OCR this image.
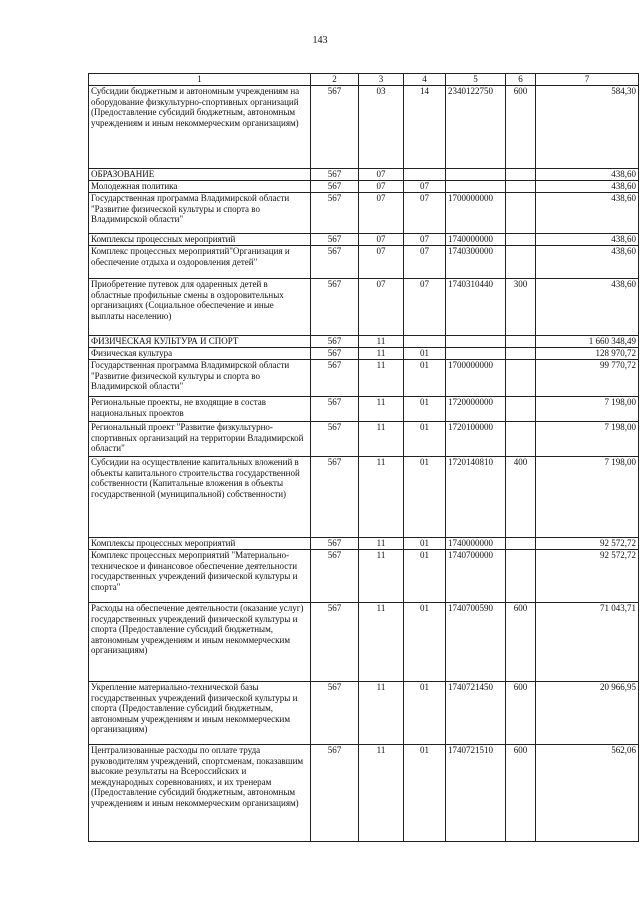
143
1	2	3	4	5	6	7
Субсидии бюджетным и автономным учреждениям на оборудование физкультурно-спортивных организаций (Предоставление субсидий бюджетным, автономным учреждениям и иным некоммерческим организациям)	567	03	14	2340122750	600	584,30
ОБРАЗОВАНИЕ	567	07				438,60
Молодежная политика	567	07	07			438,60
Государственная программа Владимирской области "Развитие физической культуры и спорта во Владимирской области"	567	07	07	1700000000		438,60
Комплексы процессных мероприятий	567	07	07	1740000000		438,60
Комплекс процессных мероприятий"Организация и обеспечение отдыха и оздоровления детей"	567	07	07	1740300000		438,60
Приобретение путевок для одаренных детей в областные профильные смены в оздоровительных организациях (Социальное обеспечение и иные выплаты населению)	567	07	07	1740310440	300	438,60
ФИЗИЧЕСКАЯ КУЛЬТУРА И СПОРТ	567	11				1 660 348,49
Физическая культура	567	11	01			128 970,72
Государственная программа Владимирской области "Развитие физической культуры и спорта во Владимирской области"	567	11	01	1700000000		99 770,72
Региональные проекты, не входящие в состав национальных проектов	567	11	01	1720000000		7 198,00
Региональный проект "Развитие физкультурно-спортивных организаций на территории Владимирской области"	567	11	01	1720100000		7 198,00
Субсидии на осуществление капитальных вложений в объекты капитального строительства государственной собственности (Капитальные вложения в объекты государственной (муниципальной) собственности)	567	11	01	1720140810	400	7 198,00
Комплексы процессных мероприятий	567	11	01	1740000000		92 572,72
Комплекс процессных мероприятий "Материально-техническое и финансовое обеспечение деятельности государственных учреждений физической культуры и спорта"	567	11	01	1740700000		92 572,72
Расходы на обеспечение деятельности (оказание услуг) государственных учреждений физической культуры и спорта (Предоставление субсидий бюджетным, автономным учреждениям и иным некоммерческим организациям)	567	11	01	1740700590	600	71 043,71
Укрепление материально-технической базы государственных учреждений физической культуры и спорта (Предоставление субсидий бюджетным, автономным учреждениям и иным некоммерческим организациям)	567	11	01	1740721450	600	20 966,95
Централизованные расходы по оплате труда руководителям учреждений, спортсменам, показавшим высокие результаты на Всероссийских и международных соревнованиях, и их тренерам (Предоставление субсидий бюджетным, автономным учреждениям и иным некоммерческим организациям)	567	11	01	1740721510	600	562,06
